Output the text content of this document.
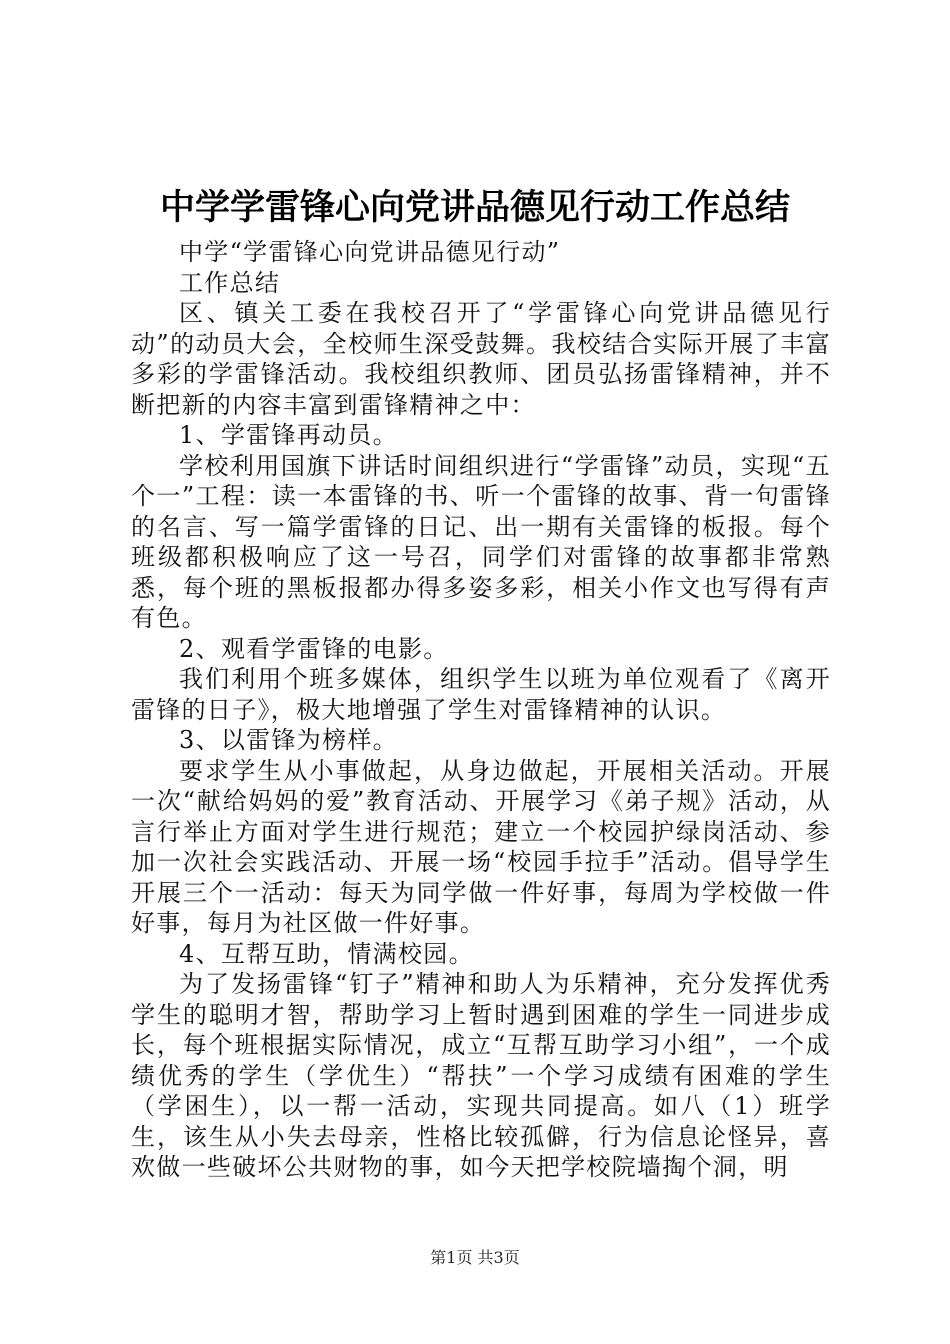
中学学雷锋心向党讲品德见行动工作总结

中学“学雷锋心向党讲品德见行动”

工作总结

区、镇关工委在我校召开了“学雷锋心向党讲品德见行动”的动员大会，全校师生深受鼓舞。我校结合实际开展了丰富多彩的学雷锋活动。我校组织教师、团员弘扬雷锋精神，并不断把新的内容丰富到雷锋精神之中：

1、学雷锋再动员。

学校利用国旗下讲话时间组织进行“学雷锋”动员，实现“五个一”工程：读一本雷锋的书、听一个雷锋的故事、背一句雷锋的名言、写一篇学雷锋的日记、出一期有关雷锋的板报。每个班级都积极响应了这一号召，同学们对雷锋的故事都非常熟悉，每个班的黑板报都办得多姿多彩，相关小作文也写得有声有色。

2、观看学雷锋的电影。

我们利用个班多媒体，组织学生以班为单位观看了《离开雷锋的日子》，极大地增强了学生对雷锋精神的认识。

3、以雷锋为榜样。

要求学生从小事做起，从身边做起，开展相关活动。开展一次“献给妈妈的爱”教育活动、开展学习《弟子规》活动，从言行举止方面对学生进行规范；建立一个校园护绿岗活动、参加一次社会实践活动、开展一场“校园手拉手”活动。倡导学生开展三个一活动：每天为同学做一件好事，每周为学校做一件好事，每月为社区做一件好事。

4、互帮互助，情满校园。

为了发扬雷锋“钉子”精神和助人为乐精神，充分发挥优秀学生的聪明才智，帮助学习上暂时遇到困难的学生一同进步成长，每个班根据实际情况，成立“互帮互助学习小组”，一个成绩优秀的学生（学优生）“帮扶”一个学习成绩有困难的学生（学困生），以一帮一活动，实现共同提高。如八（1）班学生，该生从小失去母亲，性格比较孤僻，行为信息论怪异，喜欢做一些破坏公共财物的事，如今天把学校院墙掏个洞，明

第1页 共3页
